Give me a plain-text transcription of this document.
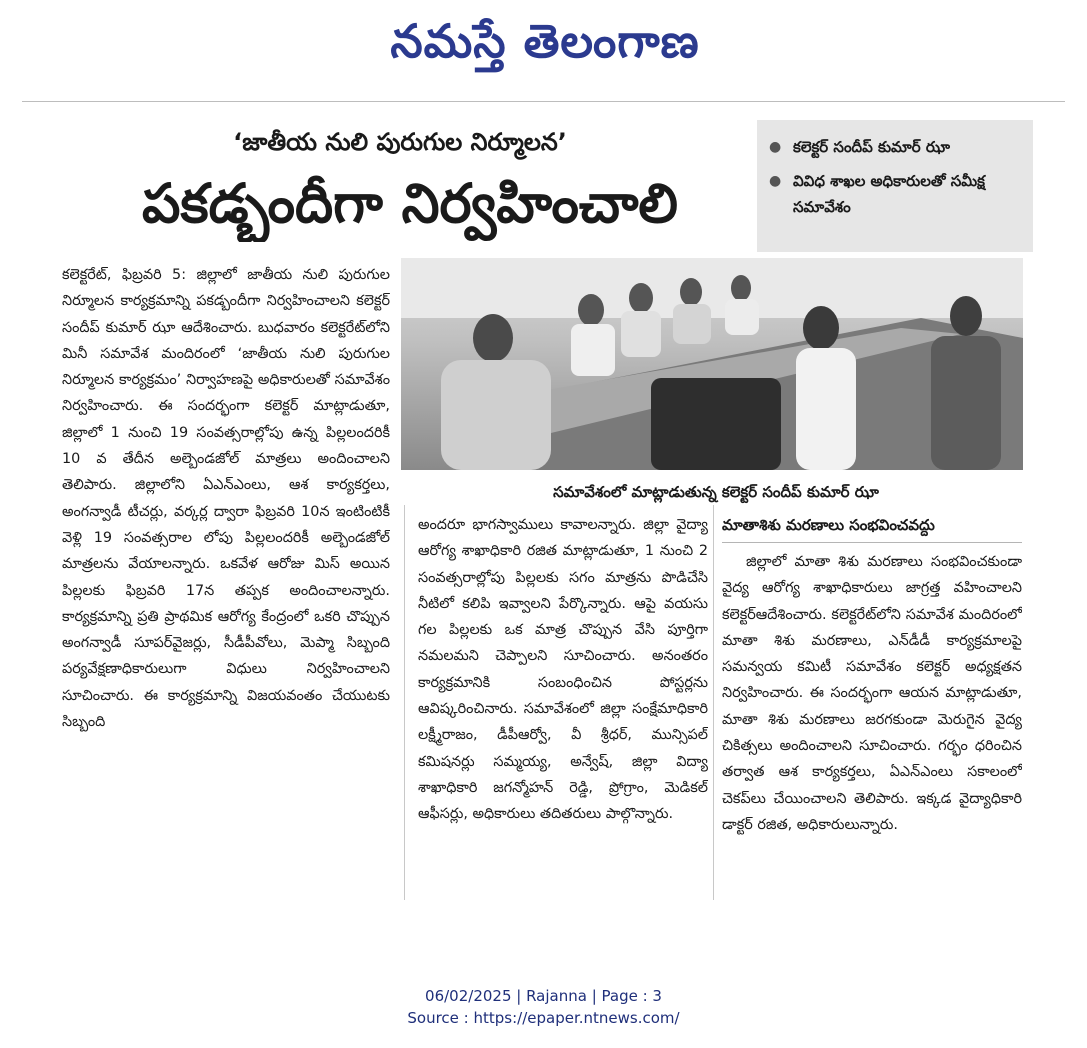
నమస్తే తెలంగాణ
‘జాతీయ నులి పురుగుల నిర్మూలన’
పకడ్బందీగా నిర్వహించాలి
● కలెక్టర్ సందీప్ కుమార్ ఝా
● వివిధ శాఖల అధికారులతో సమీక్ష సమావేశం
సమావేశంలో మాట్లాడుతున్న కలెక్టర్ సందీప్ కుమార్ ఝా

కలెక్టరేట్, ఫిబ్రవరి 5: జిల్లాలో జాతీయ నులి పురుగుల నిర్మూలన కార్యక్రమాన్ని పకడ్బందీగా నిర్వహించాలని కలెక్టర్ సందీప్ కుమార్ ఝా ఆదేశించారు. బుధవారం కలెక్టరేట్‌లోని మినీ సమావేశ మందిరంలో ‘జాతీయ నులి పురుగుల నిర్మూలన కార్యక్రమం’ నిర్వాహణపై అధికారులతో సమావేశం నిర్వహించారు. ఈ సందర్భంగా కలెక్టర్ మాట్లాడుతూ, జిల్లాలో 1 నుంచి 19 సంవత్సరాల్లోపు ఉన్న పిల్లలందరికీ 10 వ తేదీన అల్బెండజోల్ మాత్రలు అందించాలని తెలిపారు. జిల్లాలోని ఏఎన్ఎంలు, ఆశ కార్యకర్తలు, అంగన్వాడీ టీచర్లు, వర్కర్ల ద్వారా ఫిబ్రవరి 10న ఇంటింటికీ వెళ్లి 19 సంవత్సరాల లోపు పిల్లలందరికీ అల్బెండజోల్ మాత్రలను వేయాలన్నారు. ఒకవేళ ఆరోజు మిస్ అయిన పిల్లలకు ఫిబ్రవరి 17న తప్పక అందించాలన్నారు. కార్యక్రమాన్ని ప్రతి ప్రాథమిక ఆరోగ్య కేంద్రంలో ఒకరి చొప్పున అంగన్వాడీ సూపర్‌వైజర్లు, సీడీపీవోలు, మెప్మా సిబ్బంది పర్యవేక్షణాధికారులుగా విధులు నిర్వహించాలని సూచించారు. ఈ కార్యక్రమాన్ని విజయవంతం చేయుటకు సిబ్బంది

అందరూ భాగస్వాములు కావాలన్నారు. జిల్లా వైద్యా ఆరోగ్య శాఖాధికారి రజిత మాట్లాడుతూ, 1 నుంచి 2 సంవత్సరాల్లోపు పిల్లలకు సగం మాత్రను పొడిచేసి నీటిలో కలిపి ఇవ్వాలని పేర్కొన్నారు. ఆపై వయసు గల పిల్లలకు ఒక మాత్ర చొప్పున వేసి పూర్తిగా నమలమని చెప్పాలని సూచించారు. అనంతరం కార్యక్రమానికి సంబంధించిన పోస్టర్లను ఆవిష్కరించినారు. సమావేశంలో జిల్లా సంక్షేమాధికారి లక్ష్మీరాజం, డీపీఆర్వో, వీ శ్రీధర్, మున్సిపల్ కమిషనర్లు సమ్మయ్య, అన్వేష్, జిల్లా విద్యా శాఖాధికారి జగన్మోహన్ రెడ్డి, ప్రోగ్రాం, మెడికల్ ఆఫీసర్లు, అధికారులు తదితరులు పాల్గొన్నారు.

మాతాశిశు మరణాలు సంభవించవద్దు

జిల్లాలో మాతా శిశు మరణాలు సంభవించకుండా వైద్య ఆరోగ్య శాఖాధికారులు జాగ్రత్త వహించాలని కలెక్టర్ఆదేశించారు. కలెక్టరేట్‌లోని సమావేశ మందిరంలో మాతా శిశు మరణాలు, ఎన్‌డీడీ కార్యక్రమాలపై సమన్వయ కమిటీ సమావేశం కలెక్టర్ అధ్యక్షతన నిర్వహించారు. ఈ సందర్భంగా ఆయన మాట్లాడుతూ, మాతా శిశు మరణాలు జరగకుండా మెరుగైన వైద్య చికిత్సలు అందించాలని సూచించారు. గర్భం ధరించిన తర్వాత ఆశ కార్యకర్తలు, ఏఎన్ఎంలు సకాలంలో చెకప్‌లు చేయించాలని తెలిపారు. ఇక్కడ వైద్యాధికారి డాక్టర్ రజిత, అధికారులున్నారు.

06/02/2025 | Rajanna | Page : 3
Source : https://epaper.ntnews.com/
